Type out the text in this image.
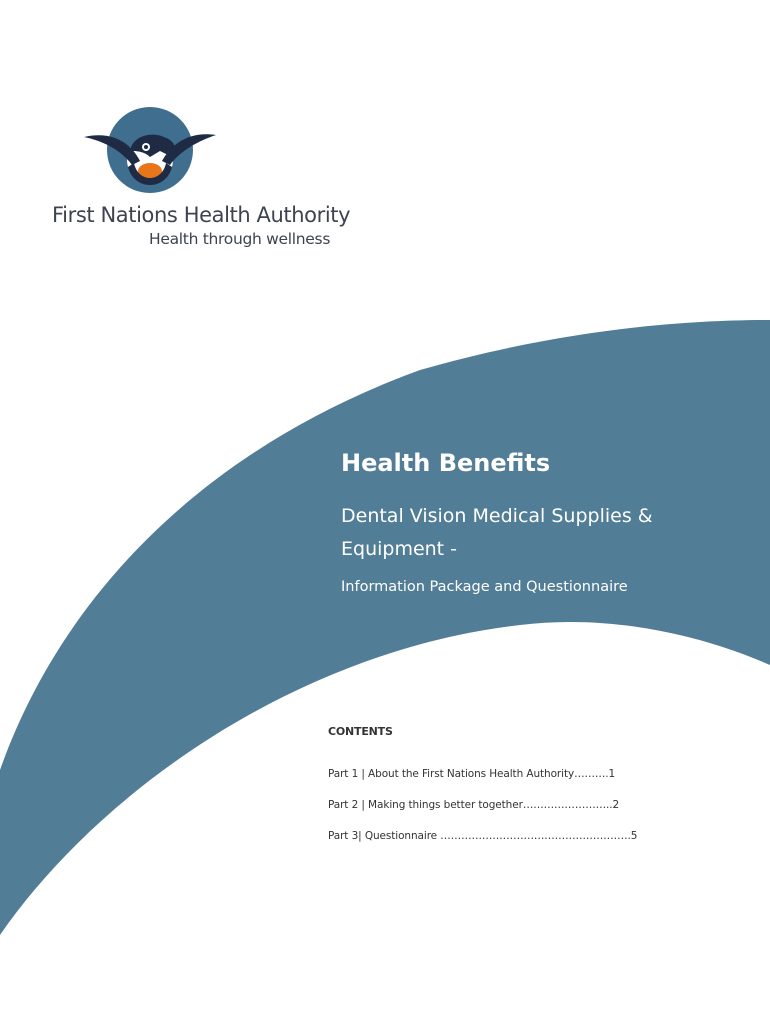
First Nations Health Authority
Health through wellness
Health Benefits
Dental Vision Medical Supplies & Equipment -
Information Package and Questionnaire
CONTENTS
Part 1 | About the First Nations Health Authority……….1
Part 2 | Making things better together……………………..2
Part 3| Questionnaire ……………………………………………….5
